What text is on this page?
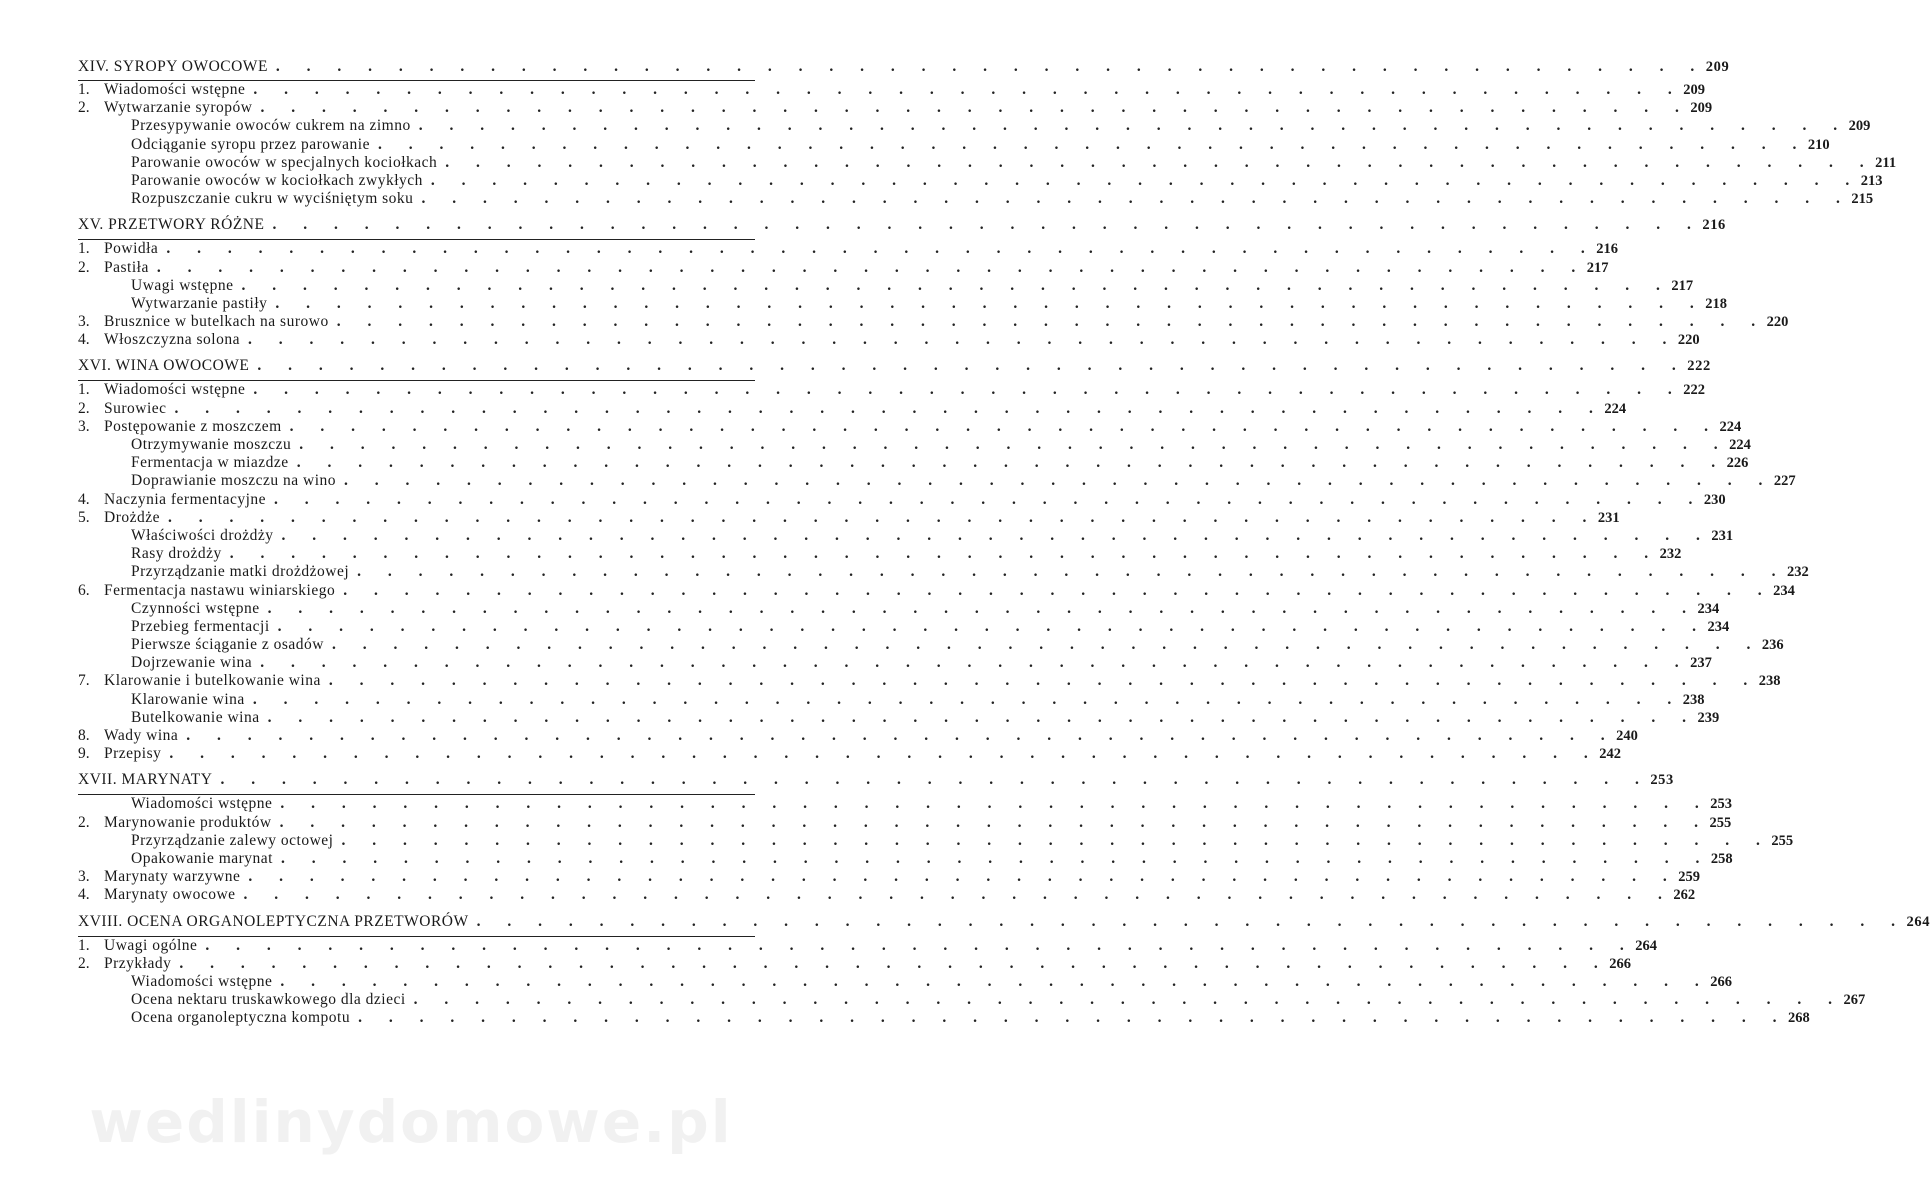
XIV. SYROPY OWOCOWE . . . . . . . . . . . . . . . . . . . . . . . . . . . . . . . . . . . . . . . . . . . . . . . 209
1. Wiadomości wstępne . . . . . . . . . . . . . . . . . . . . . . . . . . . . . . . . . . . . . . . . . . . . . . . 209
2. Wytwarzanie syropów . . . . . . . . . . . . . . . . . . . . . . . . . . . . . . . . . . . . . . . . . . . . . . . 209
Przesypywanie owoców cukrem na zimno . . . . . . . . . . . . . . . . . . . . . . . . . . . . . . . . . . . . . . . . . . . . . . . 209
Odciąganie syropu przez parowanie . . . . . . . . . . . . . . . . . . . . . . . . . . . . . . . . . . . . . . . . . . . . . . . 210
Parowanie owoców w specjalnych kociołkach . . . . . . . . . . . . . . . . . . . . . . . . . . . . . . . . . . . . . . . . . . . . . . . 211
Parowanie owoców w kociołkach zwykłych . . . . . . . . . . . . . . . . . . . . . . . . . . . . . . . . . . . . . . . . . . . . . . . 213
Rozpuszczanie cukru w wyciśniętym soku . . . . . . . . . . . . . . . . . . . . . . . . . . . . . . . . . . . . . . . . . . . . . . . 215
XV. PRZETWORY RÓŻNE . . . . . . . . . . . . . . . . . . . . . . . . . . . . . . . . . . . . . . . . . . . . . . . 216
1. Powidła . . . . . . . . . . . . . . . . . . . . . . . . . . . . . . . . . . . . . . . . . . . . . . . 216
2. Pastiła . . . . . . . . . . . . . . . . . . . . . . . . . . . . . . . . . . . . . . . . . . . . . . . 217
Uwagi wstępne . . . . . . . . . . . . . . . . . . . . . . . . . . . . . . . . . . . . . . . . . . . . . . . 217
Wytwarzanie pastiły . . . . . . . . . . . . . . . . . . . . . . . . . . . . . . . . . . . . . . . . . . . . . . . 218
3. Brusznice w butelkach na surowo . . . . . . . . . . . . . . . . . . . . . . . . . . . . . . . . . . . . . . . . . . . . . . . 220
4. Włoszczyzna solona . . . . . . . . . . . . . . . . . . . . . . . . . . . . . . . . . . . . . . . . . . . . . . . 220
XVI. WINA OWOCOWE . . . . . . . . . . . . . . . . . . . . . . . . . . . . . . . . . . . . . . . . . . . . . . . 222
1. Wiadomości wstępne . . . . . . . . . . . . . . . . . . . . . . . . . . . . . . . . . . . . . . . . . . . . . . . 222
2. Surowiec . . . . . . . . . . . . . . . . . . . . . . . . . . . . . . . . . . . . . . . . . . . . . . . 224
3. Postępowanie z moszczem . . . . . . . . . . . . . . . . . . . . . . . . . . . . . . . . . . . . . . . . . . . . . . . 224
Otrzymywanie moszczu . . . . . . . . . . . . . . . . . . . . . . . . . . . . . . . . . . . . . . . . . . . . . . . 224
Fermentacja w miazdze . . . . . . . . . . . . . . . . . . . . . . . . . . . . . . . . . . . . . . . . . . . . . . . 226
Doprawianie moszczu na wino . . . . . . . . . . . . . . . . . . . . . . . . . . . . . . . . . . . . . . . . . . . . . . . 227
4. Naczynia fermentacyjne . . . . . . . . . . . . . . . . . . . . . . . . . . . . . . . . . . . . . . . . . . . . . . . 230
5. Drożdże . . . . . . . . . . . . . . . . . . . . . . . . . . . . . . . . . . . . . . . . . . . . . . . 231
Właściwości drożdży . . . . . . . . . . . . . . . . . . . . . . . . . . . . . . . . . . . . . . . . . . . . . . . 231
Rasy drożdży . . . . . . . . . . . . . . . . . . . . . . . . . . . . . . . . . . . . . . . . . . . . . . . 232
Przyrządzanie matki drożdżowej . . . . . . . . . . . . . . . . . . . . . . . . . . . . . . . . . . . . . . . . . . . . . . . 232
6. Fermentacja nastawu winiarskiego . . . . . . . . . . . . . . . . . . . . . . . . . . . . . . . . . . . . . . . . . . . . . . . 234
Czynności wstępne . . . . . . . . . . . . . . . . . . . . . . . . . . . . . . . . . . . . . . . . . . . . . . . 234
Przebieg fermentacji . . . . . . . . . . . . . . . . . . . . . . . . . . . . . . . . . . . . . . . . . . . . . . . 234
Pierwsze ściąganie z osadów . . . . . . . . . . . . . . . . . . . . . . . . . . . . . . . . . . . . . . . . . . . . . . . 236
Dojrzewanie wina . . . . . . . . . . . . . . . . . . . . . . . . . . . . . . . . . . . . . . . . . . . . . . . 237
7. Klarowanie i butelkowanie wina . . . . . . . . . . . . . . . . . . . . . . . . . . . . . . . . . . . . . . . . . . . . . . . 238
Klarowanie wina . . . . . . . . . . . . . . . . . . . . . . . . . . . . . . . . . . . . . . . . . . . . . . . 238
Butelkowanie wina . . . . . . . . . . . . . . . . . . . . . . . . . . . . . . . . . . . . . . . . . . . . . . . 239
8. Wady wina . . . . . . . . . . . . . . . . . . . . . . . . . . . . . . . . . . . . . . . . . . . . . . . 240
9. Przepisy . . . . . . . . . . . . . . . . . . . . . . . . . . . . . . . . . . . . . . . . . . . . . . . 242
XVII. MARYNATY . . . . . . . . . . . . . . . . . . . . . . . . . . . . . . . . . . . . . . . . . . . . . . . 253
Wiadomości wstępne . . . . . . . . . . . . . . . . . . . . . . . . . . . . . . . . . . . . . . . . . . . . . . . 253
2. Marynowanie produktów . . . . . . . . . . . . . . . . . . . . . . . . . . . . . . . . . . . . . . . . . . . . . . . 255
Przyrządzanie zalewy octowej . . . . . . . . . . . . . . . . . . . . . . . . . . . . . . . . . . . . . . . . . . . . . . . 255
Opakowanie marynat . . . . . . . . . . . . . . . . . . . . . . . . . . . . . . . . . . . . . . . . . . . . . . . 258
3. Marynaty warzywne . . . . . . . . . . . . . . . . . . . . . . . . . . . . . . . . . . . . . . . . . . . . . . . 259
4. Marynaty owocowe . . . . . . . . . . . . . . . . . . . . . . . . . . . . . . . . . . . . . . . . . . . . . . . 262
XVIII. OCENA ORGANOLEPTYCZNA PRZETWORÓW . . . . . . . . . . . . . . . . . . . . . . . . . . . . . . . . . . . . . . . . . . . . . . . 264
1. Uwagi ogólne . . . . . . . . . . . . . . . . . . . . . . . . . . . . . . . . . . . . . . . . . . . . . . . 264
2. Przykłady . . . . . . . . . . . . . . . . . . . . . . . . . . . . . . . . . . . . . . . . . . . . . . . 266
Wiadomości wstępne . . . . . . . . . . . . . . . . . . . . . . . . . . . . . . . . . . . . . . . . . . . . . . . 266
Ocena nektaru truskawkowego dla dzieci . . . . . . . . . . . . . . . . . . . . . . . . . . . . . . . . . . . . . . . . . . . . . . . 267
Ocena organoleptyczna kompotu . . . . . . . . . . . . . . . . . . . . . . . . . . . . . . . . . . . . . . . . . . . . . . . 268
wedlinydomowe.pl
